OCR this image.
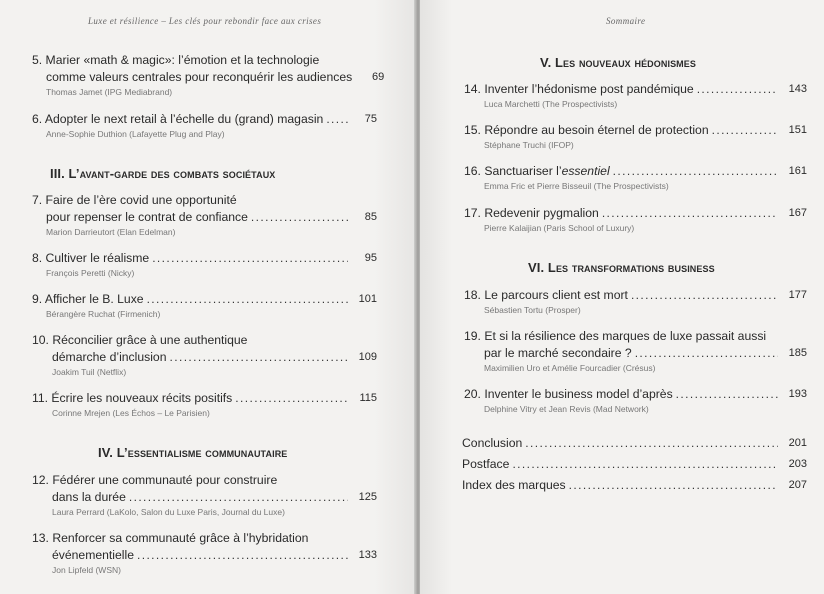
Luxe et résilience – Les clés pour rebondir face aux crises
5. Marier «math & magic»: l’émotion et la technologie
comme valeurs centrales pour reconquérir les audiences	69
Thomas Jamet (IPG Mediabrand)
6. Adopter le next retail à l’échelle du (grand) magasin .....	75
Anne-Sophie Duthion (Lafayette Plug and Play)
III. L’avant-garde des combats sociétaux
7. Faire de l’ère covid une opportunité
pour repenser le contrat de confiance .....	85
Marion Darrieutort (Elan Edelman)
8. Cultiver le réalisme .....	95
François Peretti (Nicky)
9. Afficher le B. Luxe .....	101
Bérangère Ruchat (Firmenich)
10. Réconcilier grâce à une authentique
démarche d’inclusion .....	109
Joakim Tuil (Netflix)
11. Écrire les nouveaux récits positifs .....	115
Corinne Mrejen (Les Échos – Le Parisien)
IV. L’essentialisme communautaire
12. Fédérer une communauté pour construire
dans la durée .....	125
Laura Perrard (LaKolo, Salon du Luxe Paris, Journal du Luxe)
13. Renforcer sa communauté grâce à l’hybridation
événementielle .....	133
Jon Lipfeld (WSN)
Sommaire
V. Les nouveaux hédonismes
14. Inventer l’hédonisme post pandémique .....	143
Luca Marchetti (The Prospectivists)
15. Répondre au besoin éternel de protection .....	151
Stéphane Truchi (IFOP)
16. Sanctuariser l’essentiel .....	161
Emma Fric et Pierre Bisseuil (The Prospectivists)
17. Redevenir pygmalion .....	167
Pierre Kalaijian (Paris School of Luxury)
VI. Les transformations business
18. Le parcours client est mort .....	177
Sébastien Tortu (Prosper)
19. Et si la résilience des marques de luxe passait aussi
par le marché secondaire ? .....	185
Maximilien Uro et Amélie Fourcadier (Crésus)
20. Inventer le business model d’après .....	193
Delphine Vitry et Jean Revis (Mad Network)
Conclusion .....	201
Postface .....	203
Index des marques .....	207
